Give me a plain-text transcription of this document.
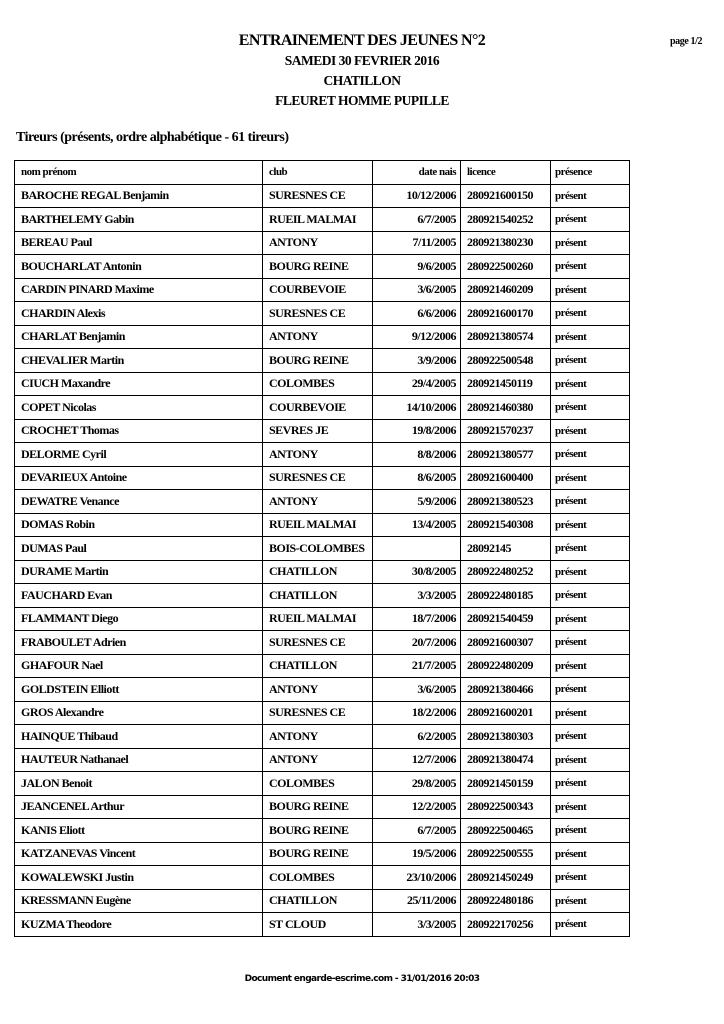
ENTRAINEMENT DES JEUNES N°2
SAMEDI 30 FEVRIER 2016
CHATILLON
FLEURET HOMME PUPILLE
page 1/2
Tireurs (présents, ordre alphabétique - 61 tireurs)
nom prénom	club	date nais	licence	présence
BAROCHE REGAL Benjamin	SURESNES CE	10/12/2006	280921600150	présent
BARTHELEMY Gabin	RUEIL MALMAI	6/7/2005	280921540252	présent
BEREAU Paul	ANTONY	7/11/2005	280921380230	présent
BOUCHARLAT Antonin	BOURG REINE	9/6/2005	280922500260	présent
CARDIN PINARD Maxime	COURBEVOIE	3/6/2005	280921460209	présent
CHARDIN Alexis	SURESNES CE	6/6/2006	280921600170	présent
CHARLAT Benjamin	ANTONY	9/12/2006	280921380574	présent
CHEVALIER Martin	BOURG REINE	3/9/2006	280922500548	présent
CIUCH Maxandre	COLOMBES	29/4/2005	280921450119	présent
COPET Nicolas	COURBEVOIE	14/10/2006	280921460380	présent
CROCHET Thomas	SEVRES JE	19/8/2006	280921570237	présent
DELORME Cyril	ANTONY	8/8/2006	280921380577	présent
DEVARIEUX Antoine	SURESNES CE	8/6/2005	280921600400	présent
DEWATRE Venance	ANTONY	5/9/2006	280921380523	présent
DOMAS Robin	RUEIL MALMAI	13/4/2005	280921540308	présent
DUMAS Paul	BOIS-COLOMBES		28092145	présent
DURAME Martin	CHATILLON	30/8/2005	280922480252	présent
FAUCHARD Evan	CHATILLON	3/3/2005	280922480185	présent
FLAMMANT Diego	RUEIL MALMAI	18/7/2006	280921540459	présent
FRABOULET Adrien	SURESNES CE	20/7/2006	280921600307	présent
GHAFOUR Nael	CHATILLON	21/7/2005	280922480209	présent
GOLDSTEIN Elliott	ANTONY	3/6/2005	280921380466	présent
GROS Alexandre	SURESNES CE	18/2/2006	280921600201	présent
HAINQUE Thibaud	ANTONY	6/2/2005	280921380303	présent
HAUTEUR Nathanael	ANTONY	12/7/2006	280921380474	présent
JALON Benoit	COLOMBES	29/8/2005	280921450159	présent
JEANCENEL Arthur	BOURG REINE	12/2/2005	280922500343	présent
KANIS Eliott	BOURG REINE	6/7/2005	280922500465	présent
KATZANEVAS Vincent	BOURG REINE	19/5/2006	280922500555	présent
KOWALEWSKI Justin	COLOMBES	23/10/2006	280921450249	présent
KRESSMANN Eugène	CHATILLON	25/11/2006	280922480186	présent
KUZMA Theodore	ST CLOUD	3/3/2005	280922170256	présent
Document engarde-escrime.com - 31/01/2016 20:03
